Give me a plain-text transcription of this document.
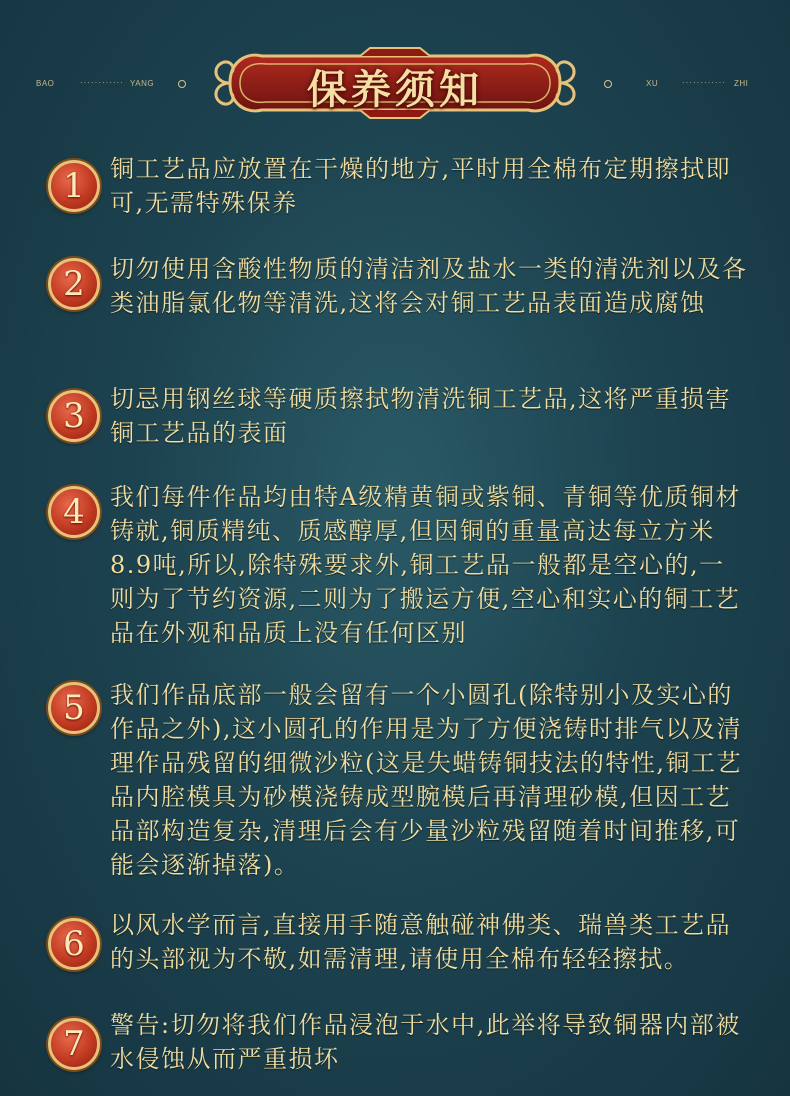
BAO	············ YANG	XU	············ ZHI
保养须知
1	铜工艺品应放置在干燥的地方,平时用全棉布定期擦拭即可,无需特殊保养
2	切勿使用含酸性物质的清洁剂及盐水一类的清洗剂以及各类油脂氯化物等清洗,这将会对铜工艺品表面造成腐蚀
3	切忌用钢丝球等硬质擦拭物清洗铜工艺品,这将严重损害铜工艺品的表面
4	我们每件作品均由特A级精黄铜或紫铜、青铜等优质铜材铸就,铜质精纯、质感醇厚,但因铜的重量高达每立方米8.9吨,所以,除特殊要求外,铜工艺品一般都是空心的,一则为了节约资源,二则为了搬运方便,空心和实心的铜工艺品在外观和品质上没有任何区别
5	我们作品底部一般会留有一个小圆孔(除特别小及实心的作品之外),这小圆孔的作用是为了方便浇铸时排气以及清理作品残留的细微沙粒(这是失蜡铸铜技法的特性,铜工艺品内腔模具为砂模浇铸成型腕模后再清理砂模,但因工艺品部构造复杂,清理后会有少量沙粒残留随着时间推移,可能会逐渐掉落)。
6	以风水学而言,直接用手随意触碰神佛类、瑞兽类工艺品的头部视为不敬,如需清理,请使用全棉布轻轻擦拭。
7	警告:切勿将我们作品浸泡于水中,此举将导致铜器内部被水侵蚀从而严重损坏
